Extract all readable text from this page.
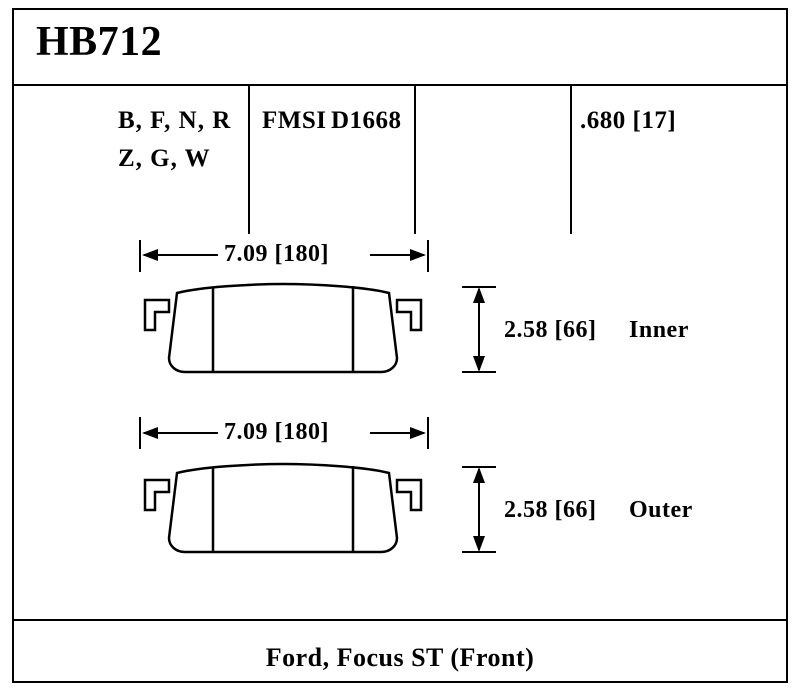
HB712
B, F, N, R
Z, G, W
FMSI D1668	.680 [17]
7.09 [180]
2.58 [66] Inner
7.09 [180]
2.58 [66] Outer
Ford, Focus ST (Front)
